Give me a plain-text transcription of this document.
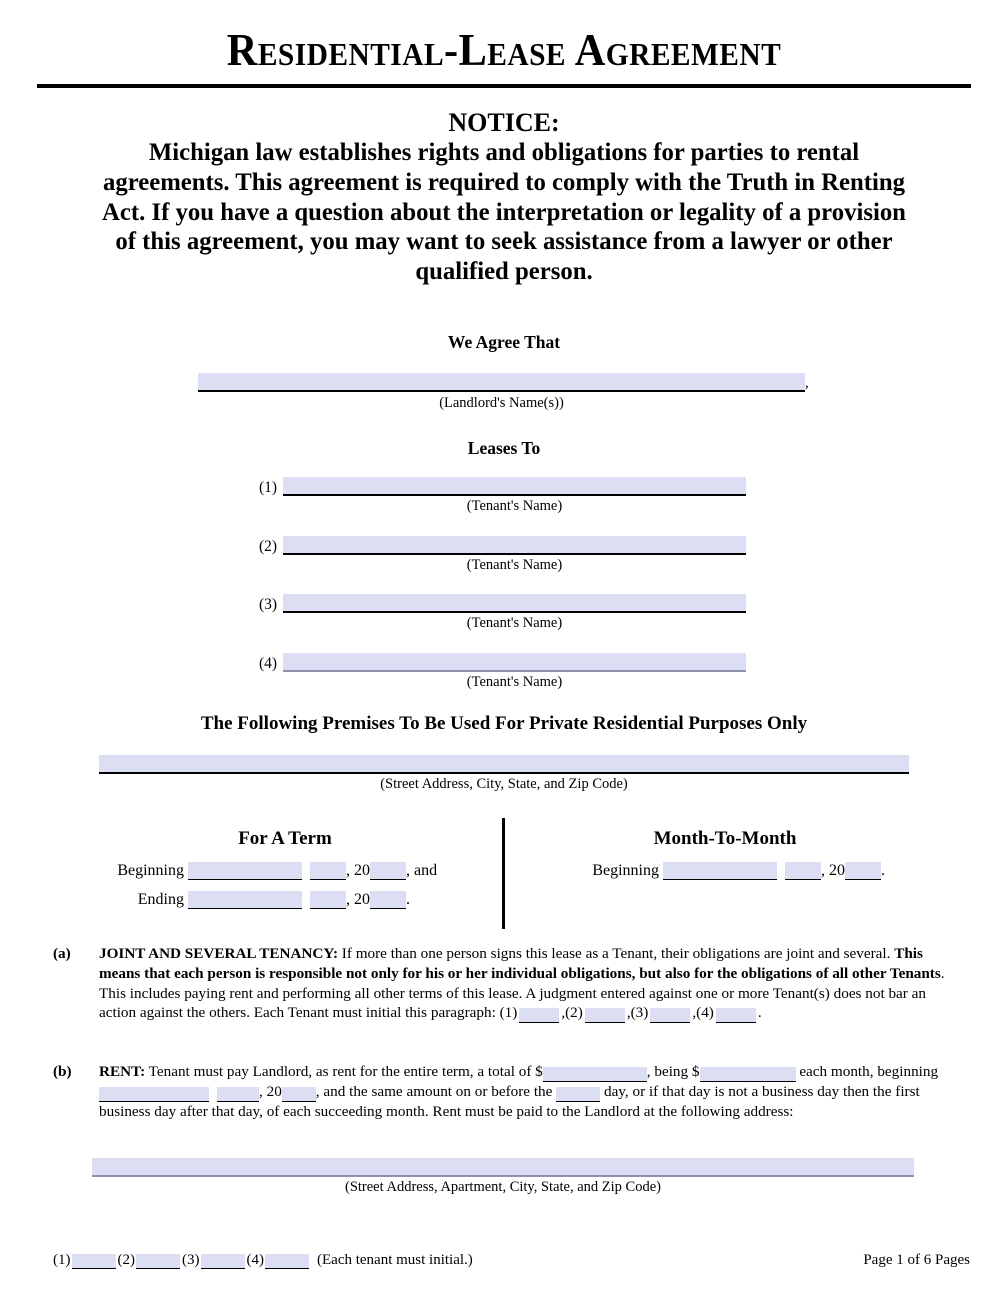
Residential-Lease Agreement
NOTICE:
Michigan law establishes rights and obligations for parties to rental agreements. This agreement is required to comply with the Truth in Renting Act. If you have a question about the interpretation or legality of a provision of this agreement, you may want to seek assistance from a lawyer or other qualified person.
We Agree That
,
(Landlord's Name(s))
Leases To
(1)
(Tenant's Name)
(2)
(Tenant's Name)
(3)
(Tenant's Name)
(4)
(Tenant's Name)
The Following Premises To Be Used For Private Residential Purposes Only
(Street Address, City, State, and Zip Code)
For A Term
Beginning	, 20 , and
Ending	, 20 .
Month-To-Month
Beginning	, 20 .
(a) JOINT AND SEVERAL TENANCY: If more than one person signs this lease as a Tenant, their obligations are joint and several. This means that each person is responsible not only for his or her individual obligations, but also for the obligations of all other Tenants. This includes paying rent and performing all other terms of this lease. A judgment entered against one or more Tenant(s) does not bar an action against the others. Each Tenant must initial this paragraph: (1)	,(2)	,(3)	,(4)	.
(b) RENT: Tenant must pay Landlord, as rent for the entire term, a total of $	, being $	each month, beginning , 20 , and the same amount on or before the	day, or if that day is not a business day then the first business day after that day, of each succeeding month. Rent must be paid to the Landlord at the following address:
(Street Address, Apartment, City, State, and Zip Code)
(1)	(2)	(3)	(4)	(Each tenant must initial.)	Page 1 of 6 Pages
